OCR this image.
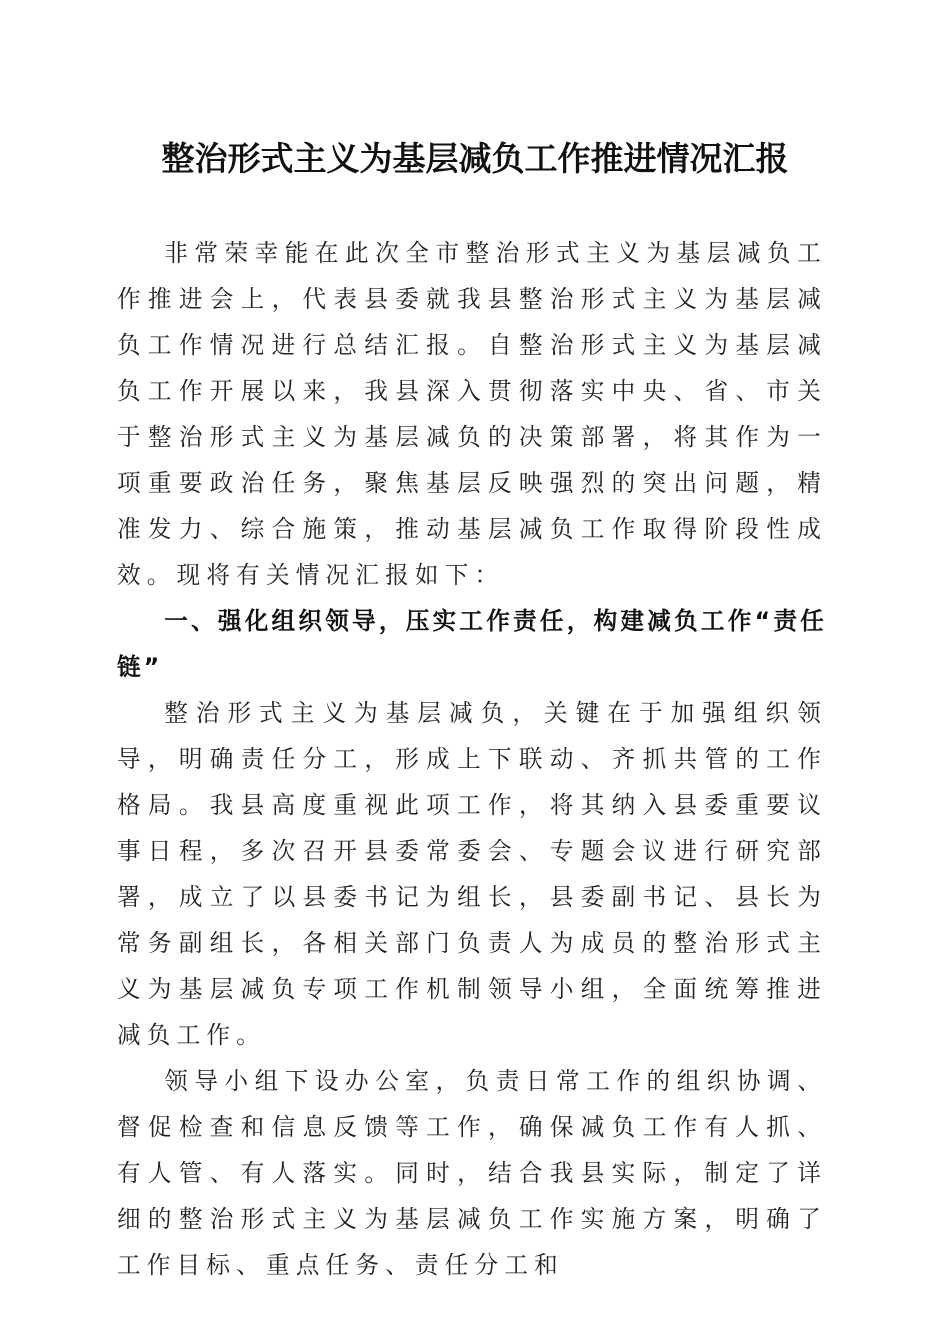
整治形式主义为基层减负工作推进情况汇报

非常荣幸能在此次全市整治形式主义为基层减负工作推进会上，代表县委就我县整治形式主义为基层减负工作情况进行总结汇报。自整治形式主义为基层减负工作开展以来，我县深入贯彻落实中央、省、市关于整治形式主义为基层减负的决策部署，将其作为一项重要政治任务，聚焦基层反映强烈的突出问题，精准发力、综合施策，推动基层减负工作取得阶段性成效。现将有关情况汇报如下：

一、强化组织领导，压实工作责任，构建减负工作“责任链”

整治形式主义为基层减负，关键在于加强组织领导，明确责任分工，形成上下联动、齐抓共管的工作格局。我县高度重视此项工作，将其纳入县委重要议事日程，多次召开县委常委会、专题会议进行研究部署，成立了以县委书记为组长，县委副书记、县长为常务副组长，各相关部门负责人为成员的整治形式主义为基层减负专项工作机制领导小组，全面统筹推进减负工作。

领导小组下设办公室，负责日常工作的组织协调、督促检查和信息反馈等工作，确保减负工作有人抓、有人管、有人落实。同时，结合我县实际，制定了详细的整治形式主义为基层减负工作实施方案，明确了工作目标、重点任务、责任分工和
